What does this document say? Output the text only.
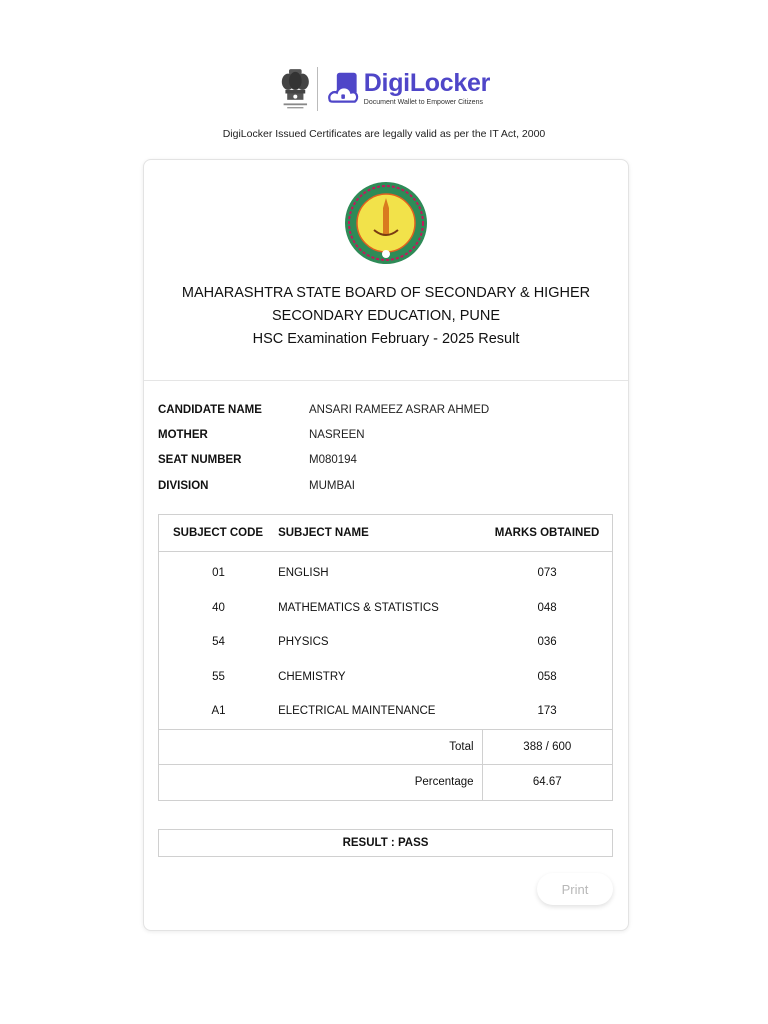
DigiLocker
Document Wallet to Empower Citizens
DigiLocker Issued Certificates are legally valid as per the IT Act, 2000
MAHARASHTRA STATE BOARD OF SECONDARY & HIGHER
SECONDARY EDUCATION, PUNE
HSC Examination February - 2025 Result
CANDIDATE NAME	ANSARI RAMEEZ ASRAR AHMED
MOTHER	NASREEN
SEAT NUMBER	M080194
DIVISION	MUMBAI
SUBJECT CODE	SUBJECT NAME	MARKS OBTAINED
01	ENGLISH	073
40	MATHEMATICS & STATISTICS	048
54	PHYSICS	036
55	CHEMISTRY	058
A1	ELECTRICAL MAINTENANCE	173
Total		388 / 600
Percentage		64.67
RESULT : PASS
Print
